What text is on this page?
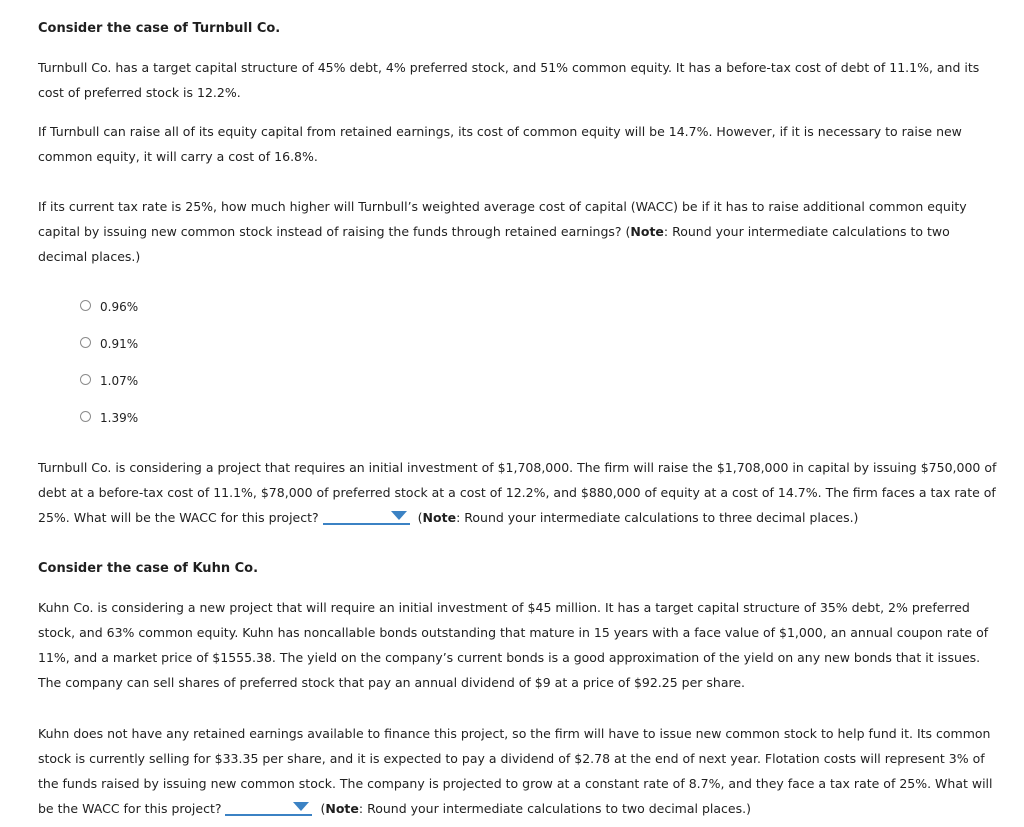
Consider the case of Turnbull Co.
Turnbull Co. has a target capital structure of 45% debt, 4% preferred stock, and 51% common equity. It has a before-tax cost of debt of 11.1%, and its cost of preferred stock is 12.2%.
If Turnbull can raise all of its equity capital from retained earnings, its cost of common equity will be 14.7%. However, if it is necessary to raise new common equity, it will carry a cost of 16.8%.
If its current tax rate is 25%, how much higher will Turnbull’s weighted average cost of capital (WACC) be if it has to raise additional common equity capital by issuing new common stock instead of raising the funds through retained earnings? (Note: Round your intermediate calculations to two decimal places.)
0.96%
0.91%
1.07%
1.39%
Turnbull Co. is considering a project that requires an initial investment of $1,708,000. The firm will raise the $1,708,000 in capital by issuing $750,000 of debt at a before-tax cost of 11.1%, $78,000 of preferred stock at a cost of 12.2%, and $880,000 of equity at a cost of 14.7%. The firm faces a tax rate of 25%. What will be the WACC for this project?	(Note: Round your intermediate calculations to three decimal places.)
Consider the case of Kuhn Co.
Kuhn Co. is considering a new project that will require an initial investment of $45 million. It has a target capital structure of 35% debt, 2% preferred stock, and 63% common equity. Kuhn has noncallable bonds outstanding that mature in 15 years with a face value of $1,000, an annual coupon rate of 11%, and a market price of $1555.38. The yield on the company’s current bonds is a good approximation of the yield on any new bonds that it issues. The company can sell shares of preferred stock that pay an annual dividend of $9 at a price of $92.25 per share.
Kuhn does not have any retained earnings available to finance this project, so the firm will have to issue new common stock to help fund it. Its common stock is currently selling for $33.35 per share, and it is expected to pay a dividend of $2.78 at the end of next year. Flotation costs will represent 3% of the funds raised by issuing new common stock. The company is projected to grow at a constant rate of 8.7%, and they face a tax rate of 25%. What will be the WACC for this project?	(Note: Round your intermediate calculations to two decimal places.)
